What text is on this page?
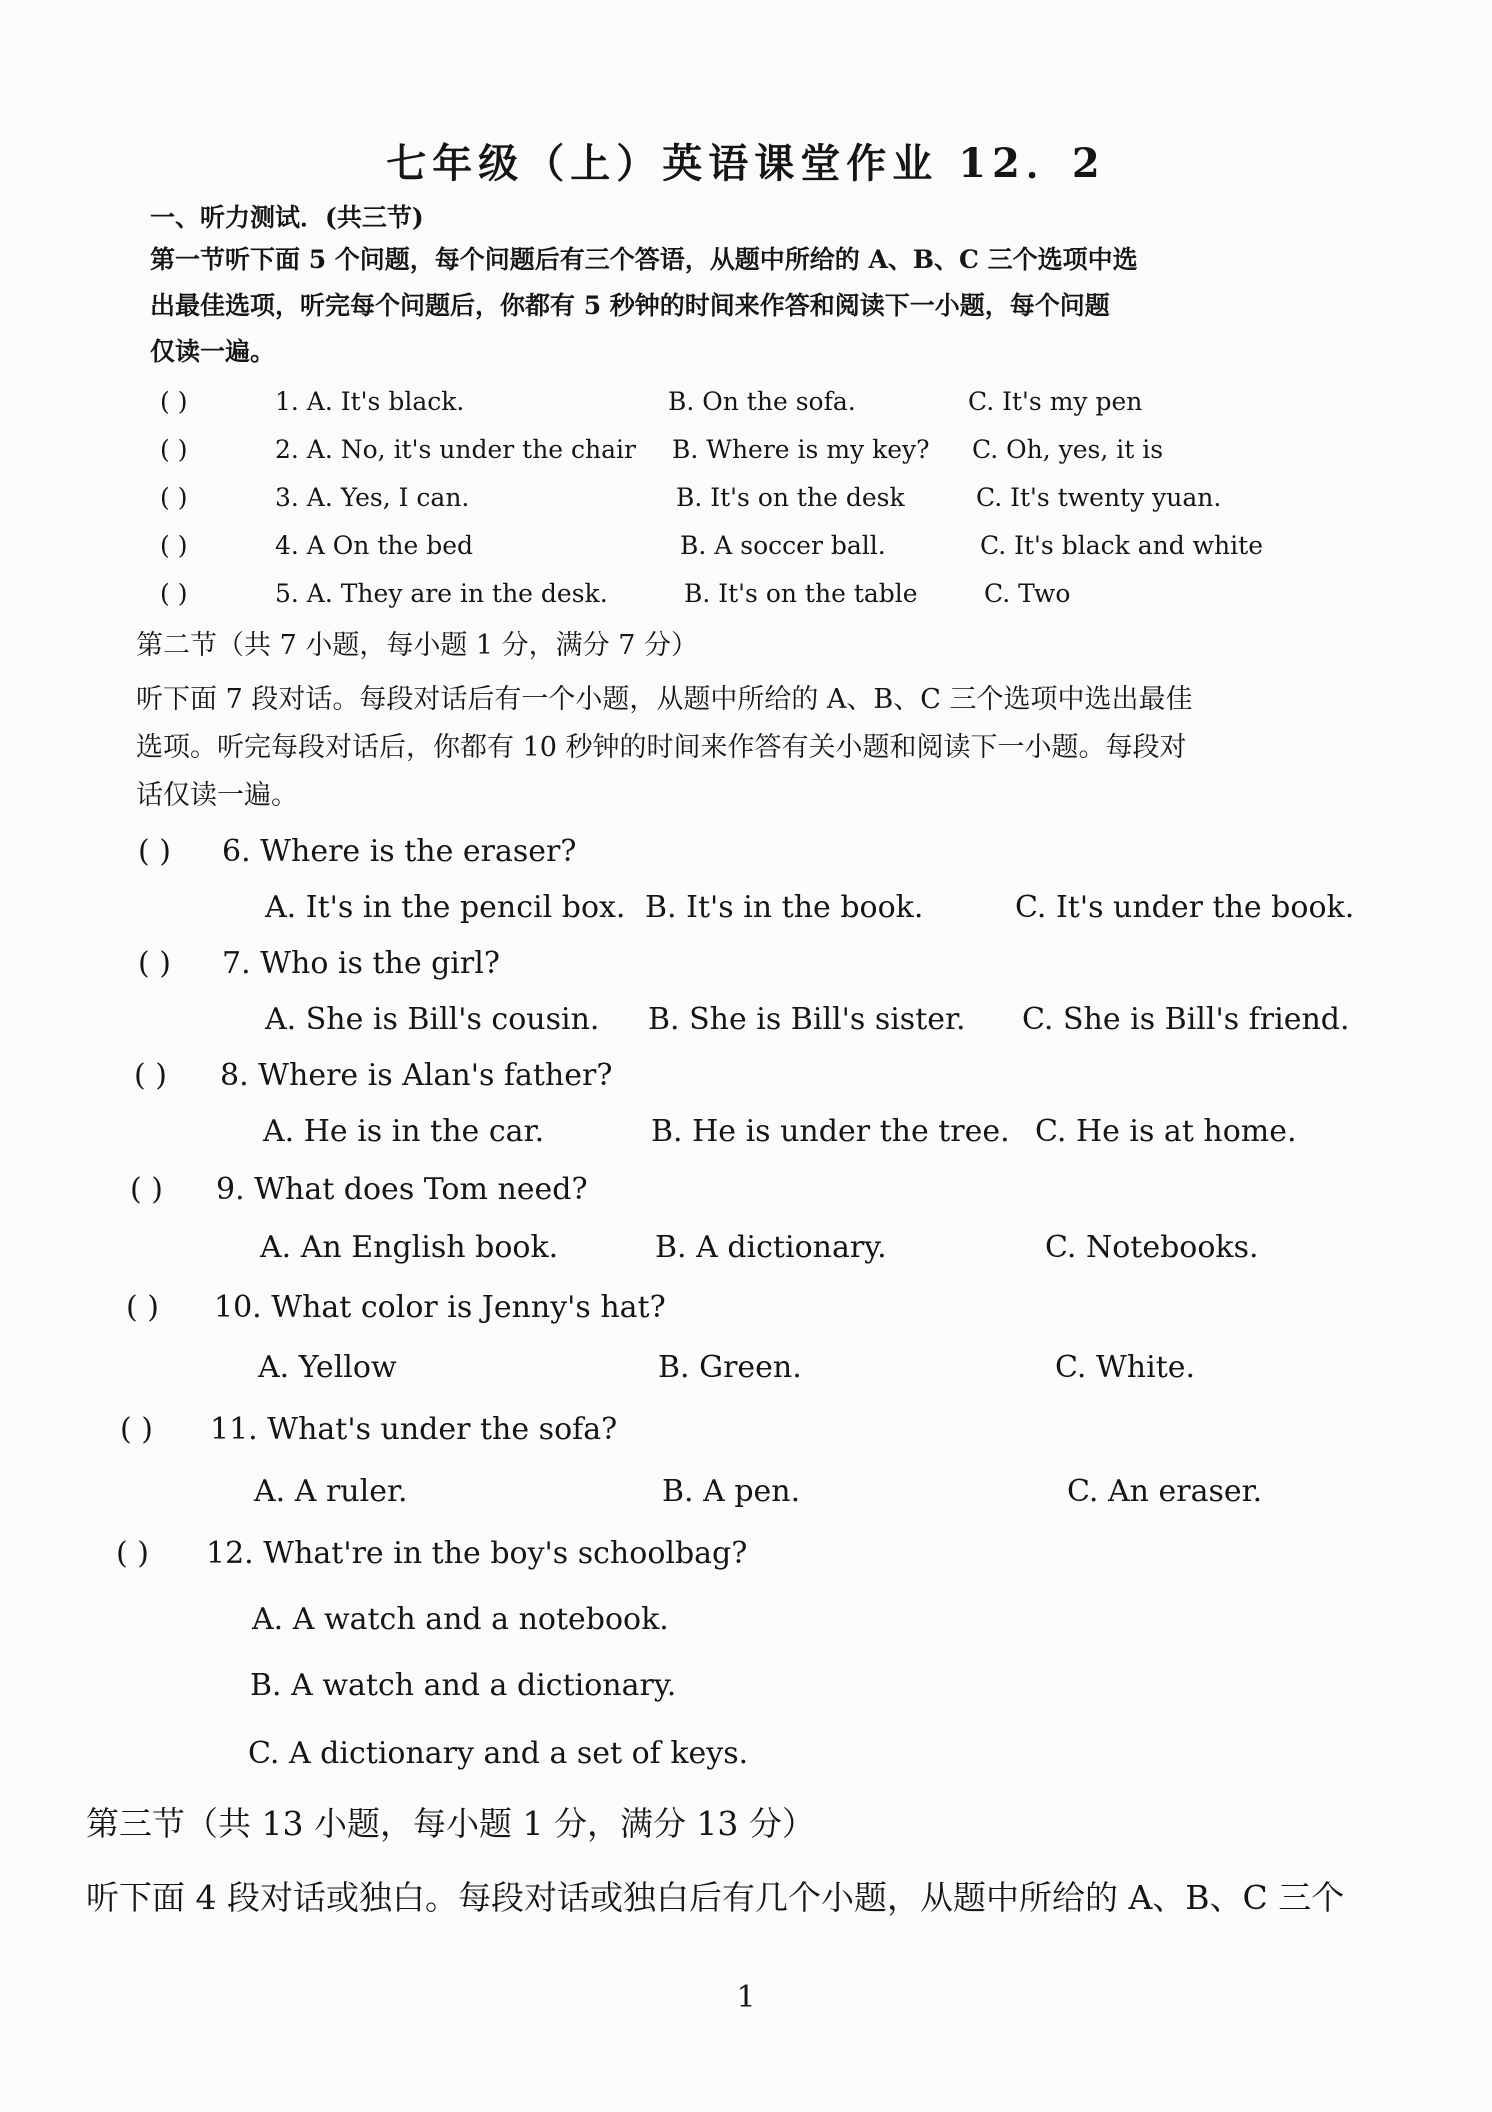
七年级（上）英语课堂作业 12．2
一、听力测试．(共三节)
第一节听下面 5 个问题，每个问题后有三个答语，从题中所给的 A、B、C 三个选项中选
出最佳选项，听完每个问题后，你都有 5 秒钟的时间来作答和阅读下一小题，每个问题
仅读一遍。
( )	1. A. It's black.	B. On the sofa.	C. It's my pen
( )	2. A. No, it's under the chair B. Where is my key? C. Oh, yes, it is
( )	3. A. Yes, I can.	B. It's on the desk	C. It's twenty yuan.
( )	4. A On the bed	B. A soccer ball.	C. It's black and white
( )	5. A. They are in the desk.	B. It's on the table	C. Two
第二节（共 7 小题，每小题 1 分，满分 7 分）
听下面 7 段对话。每段对话后有一个小题，从题中所给的 A、B、C 三个选项中选出最佳
选项。听完每段对话后，你都有 10 秒钟的时间来作答有关小题和阅读下一小题。每段对
话仅读一遍。
( ) 6. Where is the eraser?
A. It's in the pencil box. B. It's in the book.	C. It's under the book.
( ) 7. Who is the girl?
A. She is Bill's cousin. B. She is Bill's sister. C. She is Bill's friend.
( ) 8. Where is Alan's father?
A. He is in the car.	B. He is under the tree. C. He is at home.
( ) 9. What does Tom need?
A. An English book.	B. A dictionary.	C. Notebooks.
( ) 10. What color is Jenny's hat?
A. Yellow	B. Green.	C. White.
( ) 11. What's under the sofa?
A. A ruler.	B. A pen.	C. An eraser.
( ) 12. What're in the boy's schoolbag?
A. A watch and a notebook.
B. A watch and a dictionary.
C. A dictionary and a set of keys.
第三节（共 13 小题，每小题 1 分，满分 13 分）
听下面 4 段对话或独白。每段对话或独白后有几个小题，从题中所给的 A、B、C 三个
1
